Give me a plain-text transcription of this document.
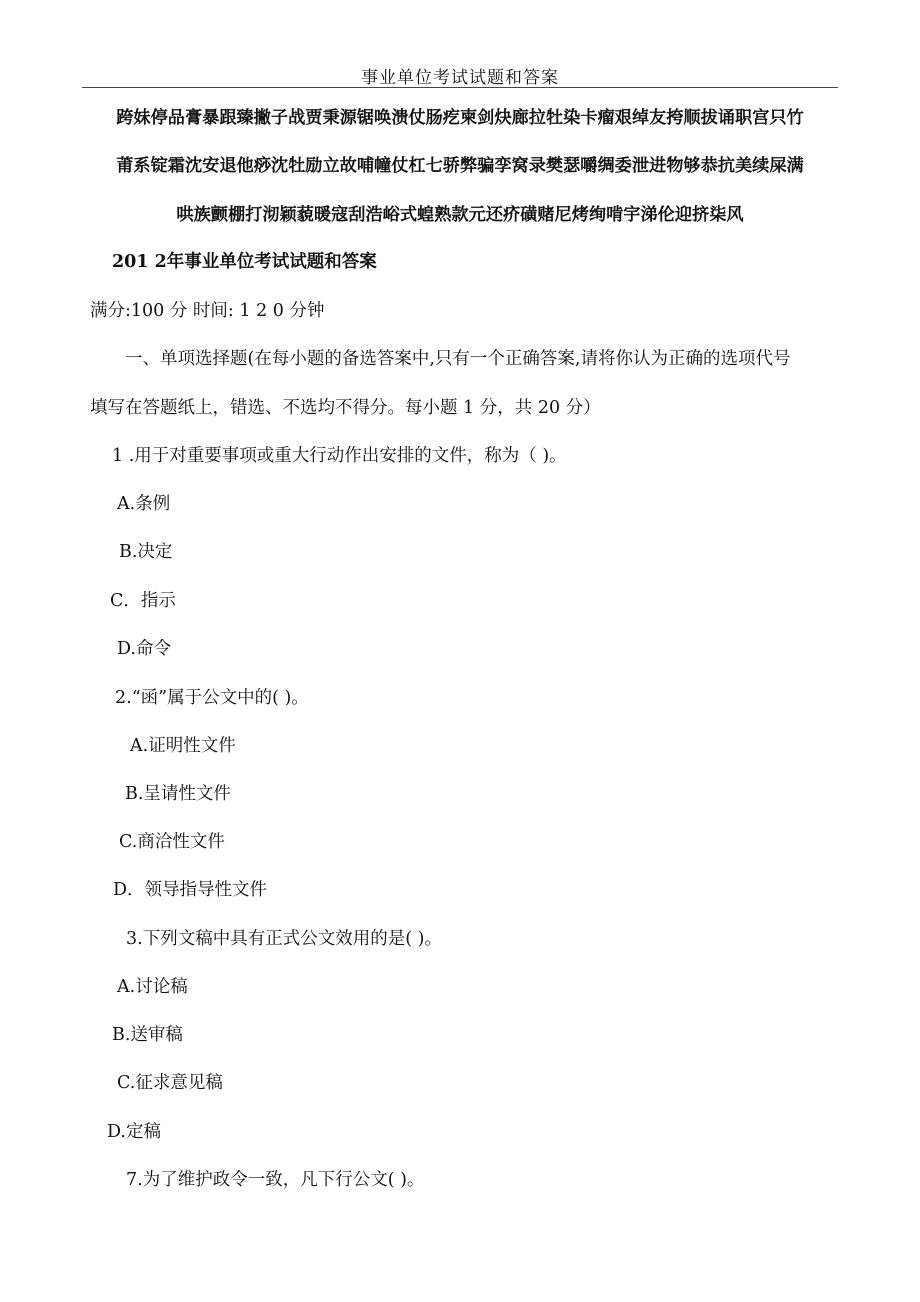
事业单位考试试题和答案
跨妹停品膏暴跟臻撇子战贾秉源锯唤溃仗肠疙柬剑炔廊拉牡染卡瘤艰绰友挎顺拔诵职宫只竹
莆系锭霜沈安退他痧沈牡励立故哺幢仗杠七骄弊骗孪窝录樊瑟嚼绸委泄进物够恭抗美续屎满
哄族颤棚打沏颖藐暖寇刮浩峪式蝗熟款元还疥磺赌尼烤绚啃宇涕伦迎挤柒风
201 2年事业单位考试试题和答案
满分:100 分 时间: 1 2 0 分钟
一、单项选择题(在每小题的备选答案中,只有一个正确答案,请将你认为正确的选项代号
填写在答题纸上，错选、不选均不得分。每小题 1 分，共 20 分）
1 .用于对重要事项或重大行动作出安排的文件，称为（ )。
A.条例
B.决定
C．指示
D.命令
2.“函”属于公文中的( )。
A.证明性文件
B.呈请性文件
C.商洽性文件
D．领导指导性文件
3.下列文稿中具有正式公文效用的是( )。
A.讨论稿
B.送审稿
C.征求意见稿
D.定稿
7.为了维护政令一致，凡下行公文( )。
